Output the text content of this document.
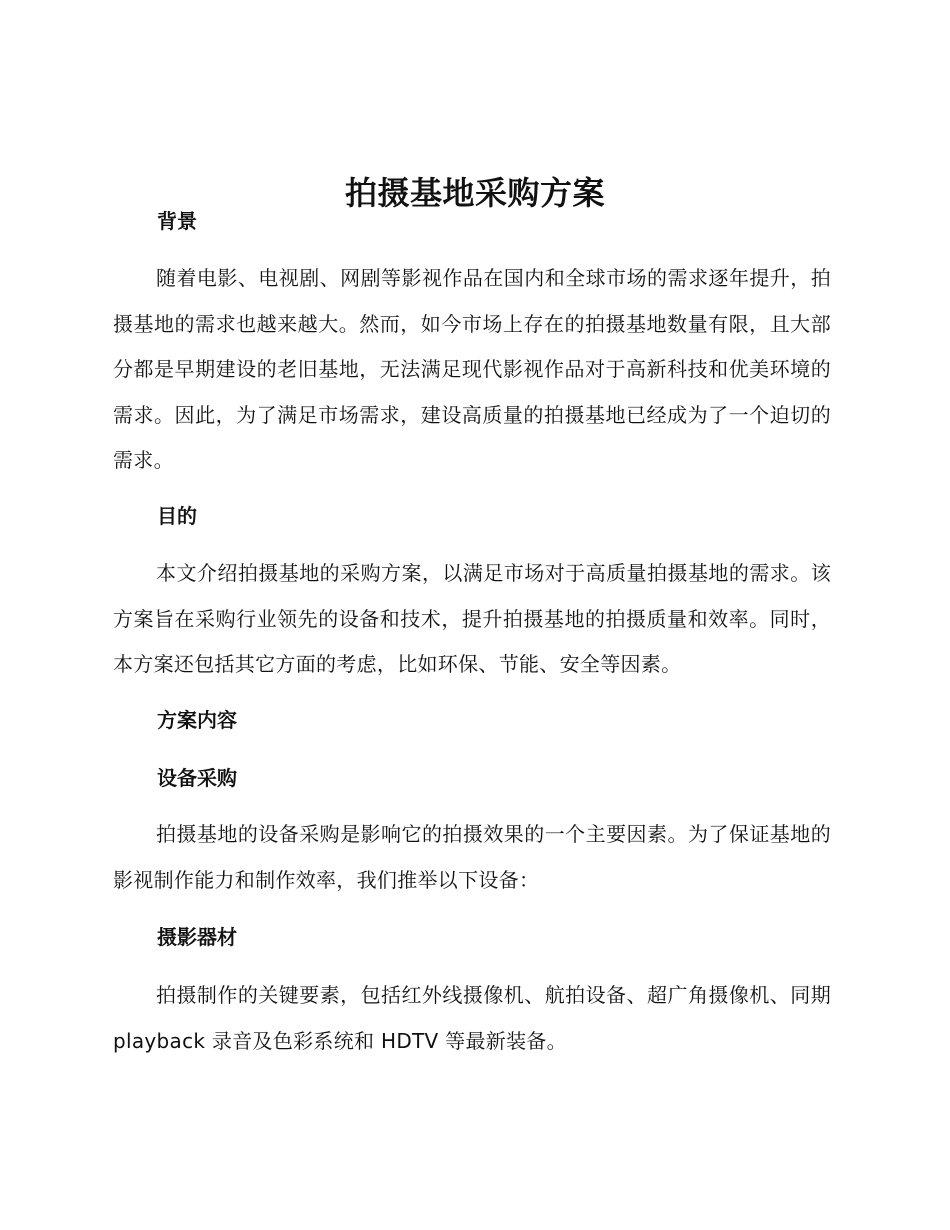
拍摄基地采购方案
背景

随着电影、电视剧、网剧等影视作品在国内和全球市场的需求逐年提升，拍摄基地的需求也越来越大。然而，如今市场上存在的拍摄基地数量有限，且大部分都是早期建设的老旧基地，无法满足现代影视作品对于高新科技和优美环境的需求。因此，为了满足市场需求，建设高质量的拍摄基地已经成为了一个迫切的需求。

目的

本文介绍拍摄基地的采购方案，以满足市场对于高质量拍摄基地的需求。该方案旨在采购行业领先的设备和技术，提升拍摄基地的拍摄质量和效率。同时，本方案还包括其它方面的考虑，比如环保、节能、安全等因素。

方案内容
设备采购

拍摄基地的设备采购是影响它的拍摄效果的一个主要因素。为了保证基地的影视制作能力和制作效率，我们推举以下设备：

摄影器材

拍摄制作的关键要素，包括红外线摄像机、航拍设备、超广角摄像机、同期 playback 录音及色彩系统和 HDTV 等最新装备。
